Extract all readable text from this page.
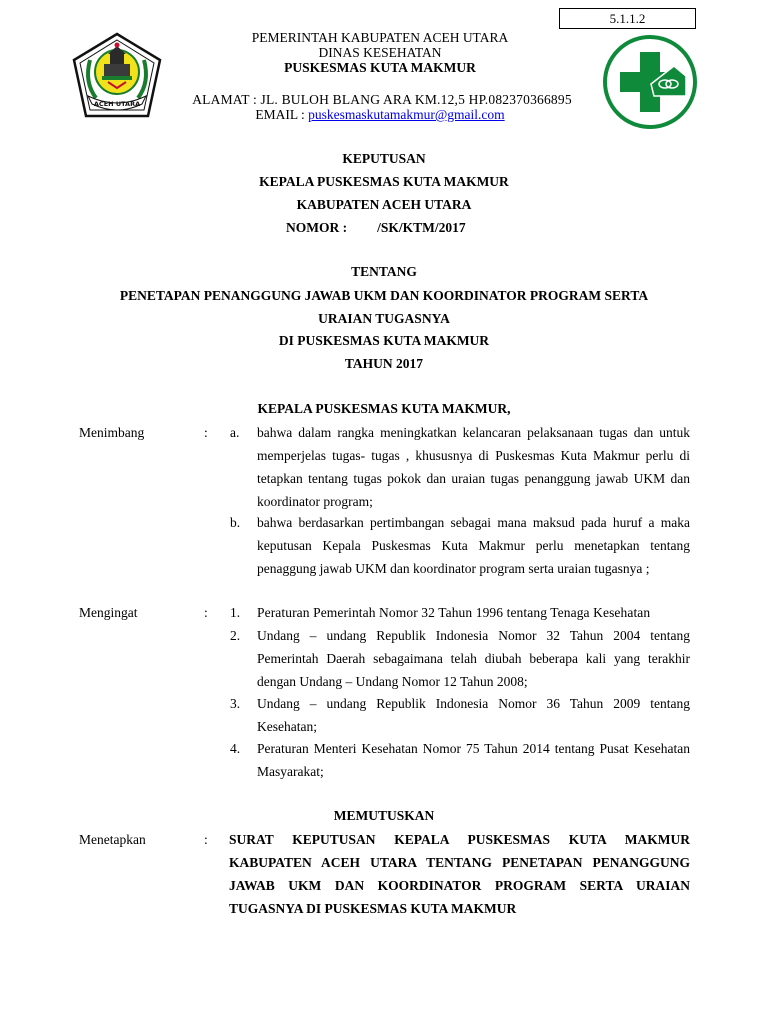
5.1.1.2
ACEH UTARA
PEMERINTAH KABUPATEN ACEH UTARA
DINAS KESEHATAN
PUSKESMAS KUTA MAKMUR
ALAMAT : JL. BULOH BLANG ARA KM.12,5 HP.082370366895
EMAIL : puskesmaskutamakmur@gmail.com
KEPUTUSAN
KEPALA PUSKESMAS KUTA MAKMUR
KABUPATEN ACEH UTARA
NOMOR : /SK/KTM/2017
TENTANG
PENETAPAN PENANGGUNG JAWAB UKM DAN KOORDINATOR PROGRAM SERTA
URAIAN TUGASNYA
DI PUSKESMAS KUTA MAKMUR
TAHUN 2017
KEPALA PUSKESMAS KUTA MAKMUR,
Menimbang	: a. bahwa dalam rangka meningkatkan kelancaran pelaksanaan tugas dan untuk memperjelas tugas- tugas , khususnya di Puskesmas Kuta Makmur perlu di tetapkan tentang tugas pokok dan uraian tugas penanggung jawab UKM dan koordinator program;
b. bahwa berdasarkan pertimbangan sebagai mana maksud pada huruf a maka keputusan Kepala Puskesmas Kuta Makmur perlu menetapkan tentang penaggung jawab UKM dan koordinator program serta uraian tugasnya ;
Mengingat	: 1. Peraturan Pemerintah Nomor 32 Tahun 1996 tentang Tenaga Kesehatan
2. Undang – undang Republik Indonesia Nomor 32 Tahun 2004 tentang Pemerintah Daerah sebagaimana telah diubah beberapa kali yang terakhir dengan Undang – Undang Nomor 12 Tahun 2008;
3. Undang – undang Republik Indonesia Nomor 36 Tahun 2009 tentang Kesehatan;
4. Peraturan Menteri Kesehatan Nomor 75 Tahun 2014 tentang Pusat Kesehatan Masyarakat;
MEMUTUSKAN
Menetapkan	: SURAT KEPUTUSAN KEPALA PUSKESMAS KUTA MAKMUR KABUPATEN ACEH UTARA TENTANG PENETAPAN PENANGGUNG JAWAB UKM DAN KOORDINATOR PROGRAM SERTA URAIAN TUGASNYA DI PUSKESMAS KUTA MAKMUR
